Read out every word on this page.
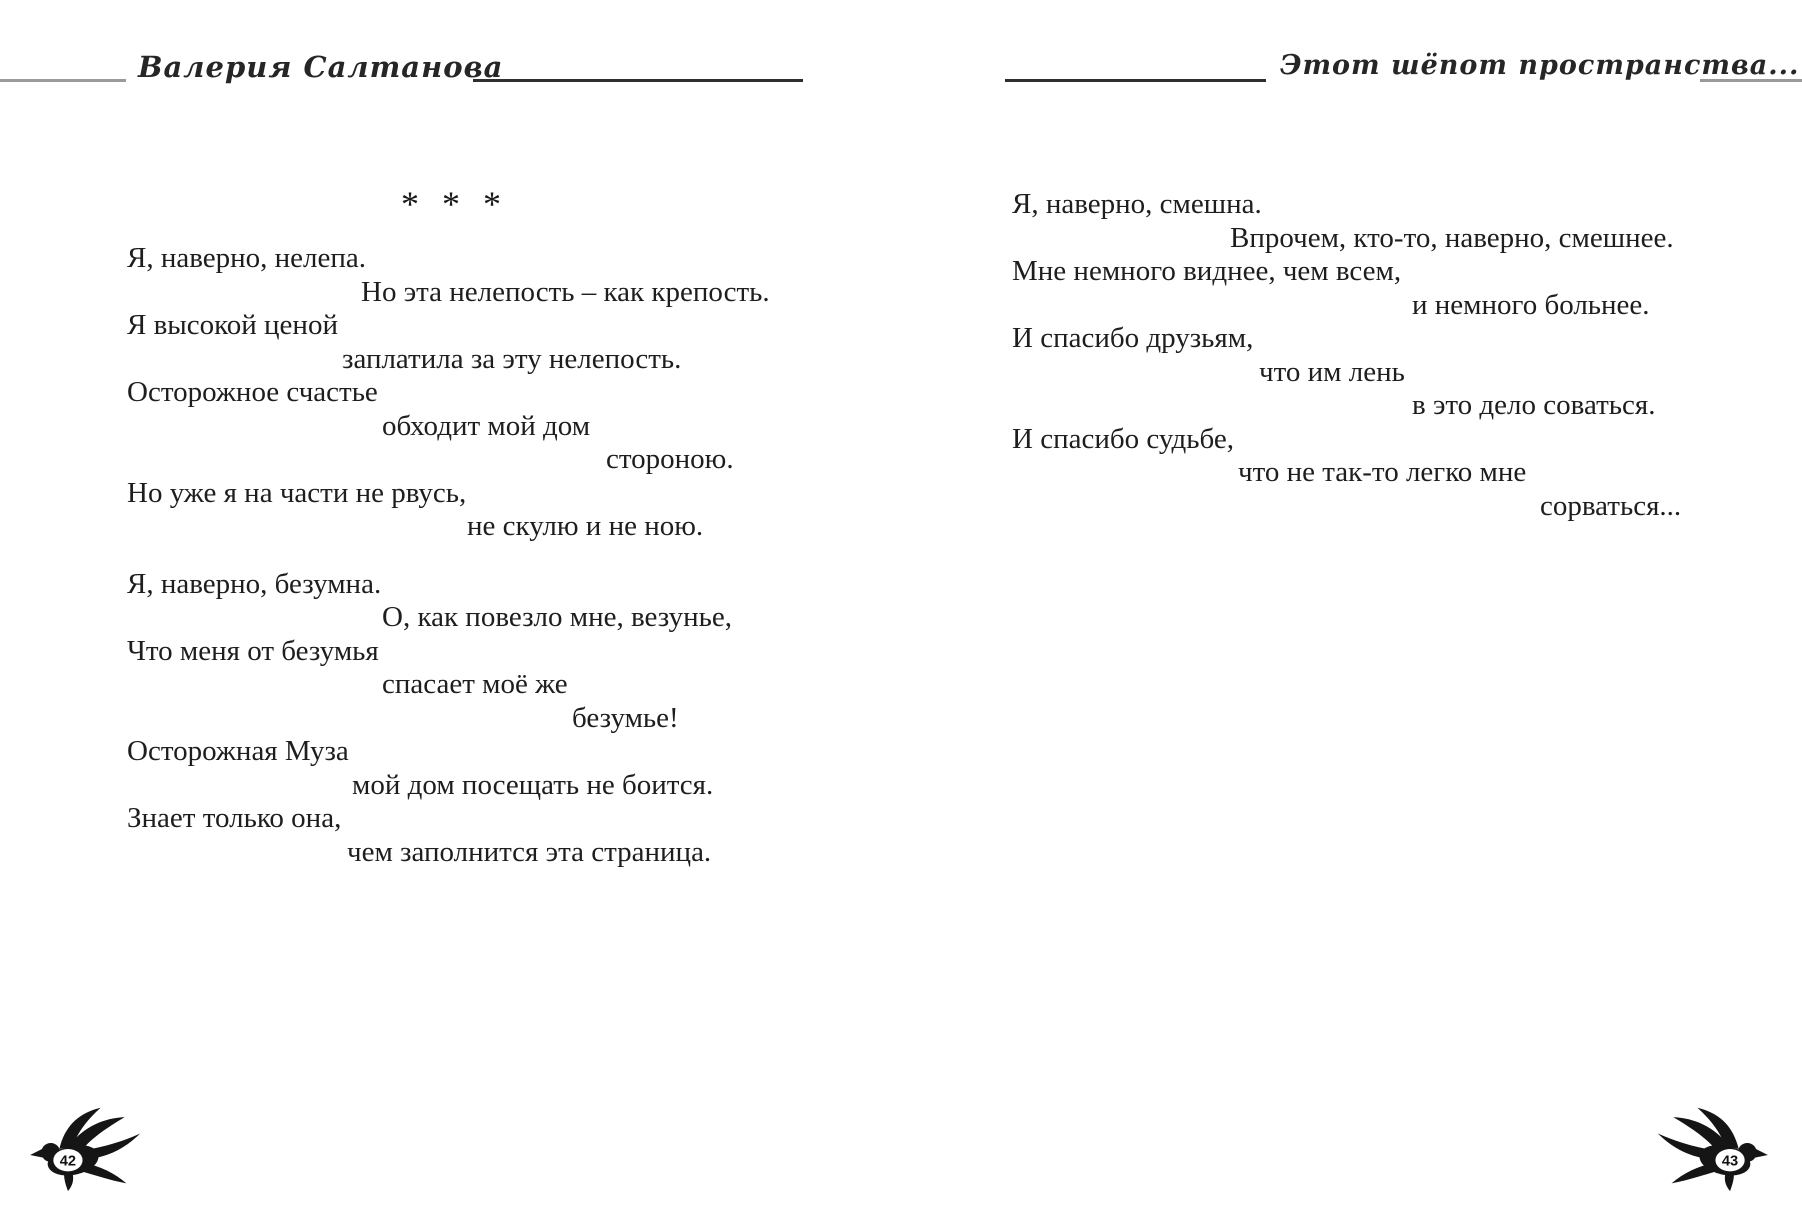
Валерия Салтанова	Этот шёпот пространства...
* * *
Я, наверно, нелепа.
Но эта нелепость – как крепость.
Я высокой ценой
заплатила за эту нелепость.
Осторожное счастье
обходит мой дом
стороною.
Но уже я на части не рвусь,
не скулю и не ною.
Я, наверно, безумна.
О, как повезло мне, везунье,
Что меня от безумья
спасает моё же
безумье!
Осторожная Муза
мой дом посещать не боится.
Знает только она,
чем заполнится эта страница.
Я, наверно, смешна.
Впрочем, кто-то, наверно, смешнее.
Мне немного виднее, чем всем,
и немного больнее.
И спасибо друзьям,
что им лень
в это дело соваться.
И спасибо судьбе,
что не так-то легко мне
сорваться...
42	43
